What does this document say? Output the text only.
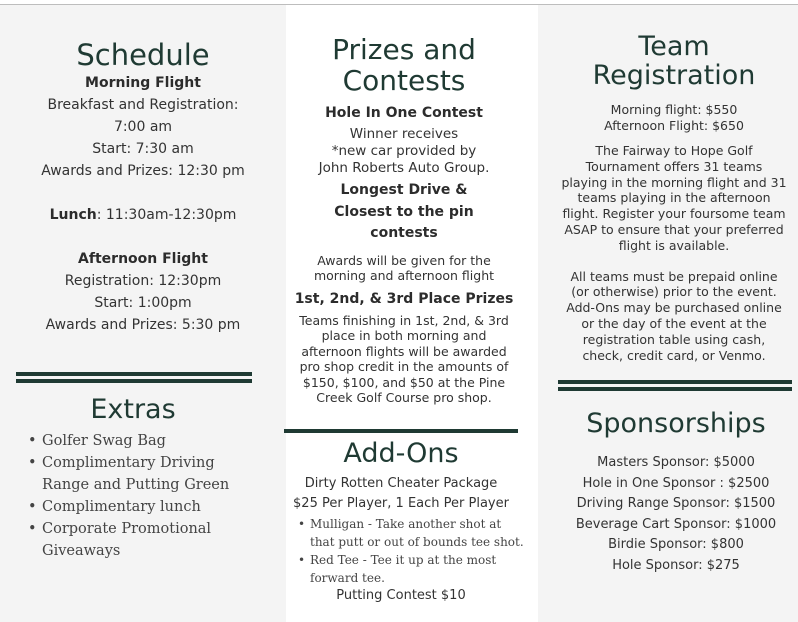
Schedule
Morning Flight
Breakfast and Registration:
7:00 am
Start: 7:30 am
Awards and Prizes: 12:30 pm
Lunch: 11:30am-12:30pm
Afternoon Flight
Registration: 12:30pm
Start: 1:00pm
Awards and Prizes: 5:30 pm
Extras
• Golfer Swag Bag
• Complimentary Driving Range and Putting Green
• Complimentary lunch
• Corporate Promotional Giveaways
Prizes and Contests
Hole In One Contest
Winner receives
*new car provided by
John Roberts Auto Group.
Longest Drive &
Closest to the pin
contests
Awards will be given for the
morning and afternoon flight
1st, 2nd, & 3rd Place Prizes
Teams finishing in 1st, 2nd, & 3rd
place in both morning and
afternoon flights will be awarded
pro shop credit in the amounts of
$150, $100, and $50 at the Pine
Creek Golf Course pro shop.
Add-Ons
Dirty Rotten Cheater Package
$25 Per Player, 1 Each Per Player
• Mulligan - Take another shot at
that putt or out of bounds tee shot.
• Red Tee - Tee it up at the most
forward tee.
Putting Contest $10
Team
Registration
Morning flight: $550
Afternoon Flight: $650
The Fairway to Hope Golf
Tournament offers 31 teams
playing in the morning flight and 31
teams playing in the afternoon
flight. Register your foursome team
ASAP to ensure that your preferred
flight is available.
All teams must be prepaid online
(or otherwise) prior to the event.
Add-Ons may be purchased online
or the day of the event at the
registration table using cash,
check, credit card, or Venmo.
Sponsorships
Masters Sponsor: $5000
Hole in One Sponsor : $2500
Driving Range Sponsor: $1500
Beverage Cart Sponsor: $1000
Birdie Sponsor: $800
Hole Sponsor: $275
